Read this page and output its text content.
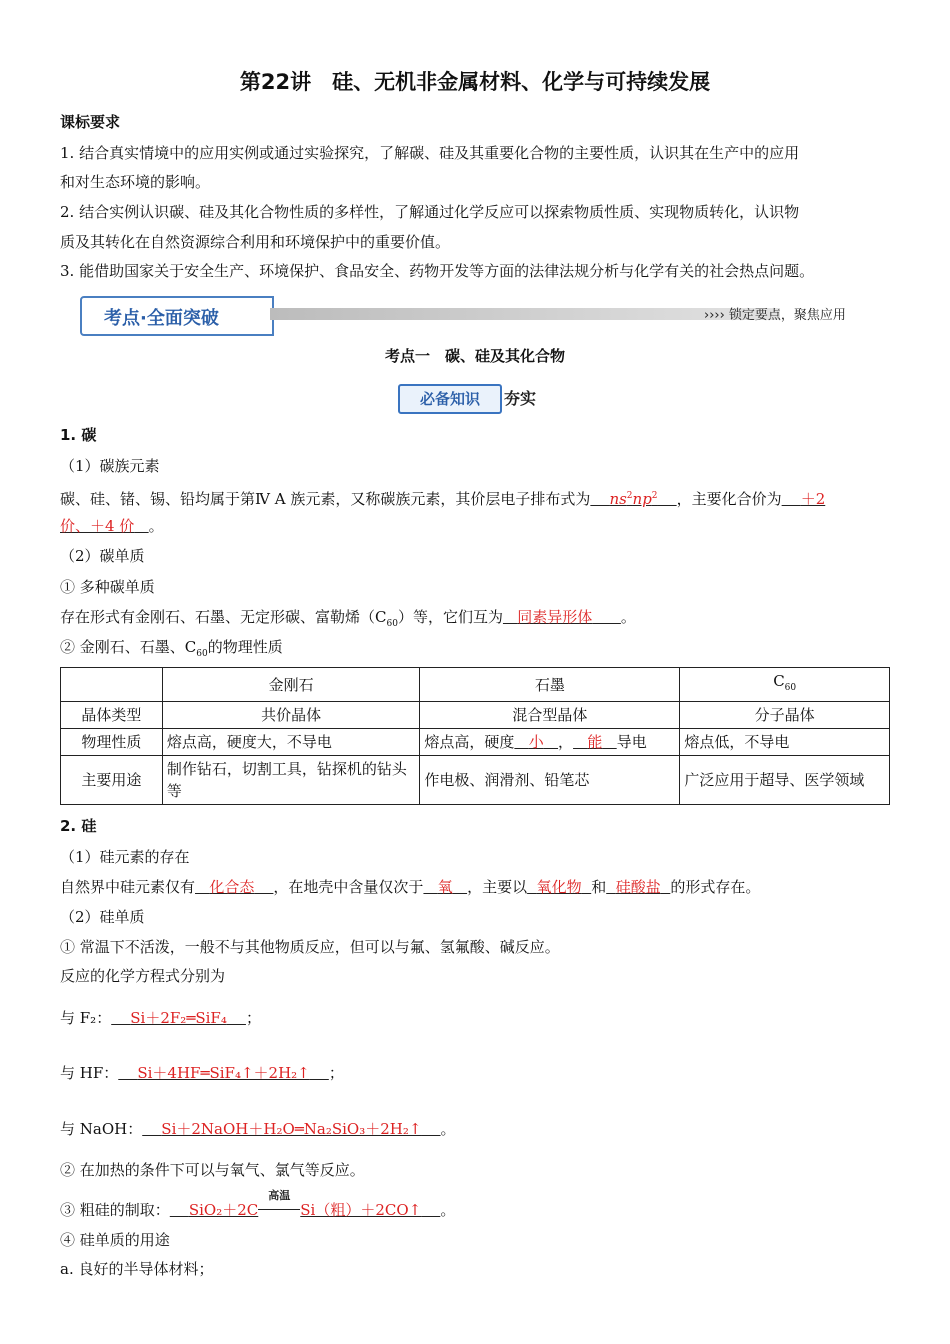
第22讲　硅、无机非金属材料、化学与可持续发展
课标要求
1. 结合真实情境中的应用实例或通过实验探究，了解碳、硅及其重要化合物的主要性质，认识其在生产中的应用
和对生态环境的影响。
2. 结合实例认识碳、硅及其化合物性质的多样性，了解通过化学反应可以探索物质性质、实现物质转化，认识物
质及其转化在自然资源综合利用和环境保护中的重要价值。
3. 能借助国家关于安全生产、环境保护、食品安全、药物开发等方面的法律法规分析与化学有关的社会热点问题。
考点·全面突破	›››› 锁定要点，聚焦应用
考点一　碳、硅及其化合物
必备知识	夯实
1. 碳
（1）碳族元素
碳、硅、锗、锡、铅均属于第Ⅳ A 族元素，又称碳族元素，其价层电子排布式为 $ns^2np^2$ ，主要化合价为 ＋2
价、＋4 价 。
（2）碳单质
① 多种碳单质
存在形式有金刚石、石墨、无定形碳、富勒烯$(C_{60})$等，它们互为 同素异形体 。
② 金刚石、石墨、$C_{60}$的物理性质
	金刚石	石墨	$C_{60}$
晶体类型	共价晶体	混合型晶体	分子晶体
物理性质	熔点高，硬度大，不导电	熔点高，硬度 小 ， 能 导电	熔点低，不导电
主要用途	制作钻石，切割工具，钻探机的钻头等	作电极、润滑剂、铅笔芯	广泛应用于超导、医学领域
2. 硅
（1）硅元素的存在
自然界中硅元素仅有 化合态 ，在地壳中含量仅次于 氧 ，主要以 氧化物 和 硅酸盐 的形式存在。
（2）硅单质
① 常温下不活泼，一般不与其他物质反应，但可以与氟、氢氟酸、碱反应。
反应的化学方程式分别为
与 F₂： Si＋2F₂═SiF₄ ；
与 HF： Si＋4HF═SiF₄↑＋2H₂↑ ；
与 NaOH： Si＋2NaOH＋H₂O═Na₂SiO₃＋2H₂↑ 。
② 在加热的条件下可以与氧气、氯气等反应。
③ 粗硅的制取： SiO₂＋2C
高温
Si（粗）＋2CO↑ 。
④ 硅单质的用途
a. 良好的半导体材料；
